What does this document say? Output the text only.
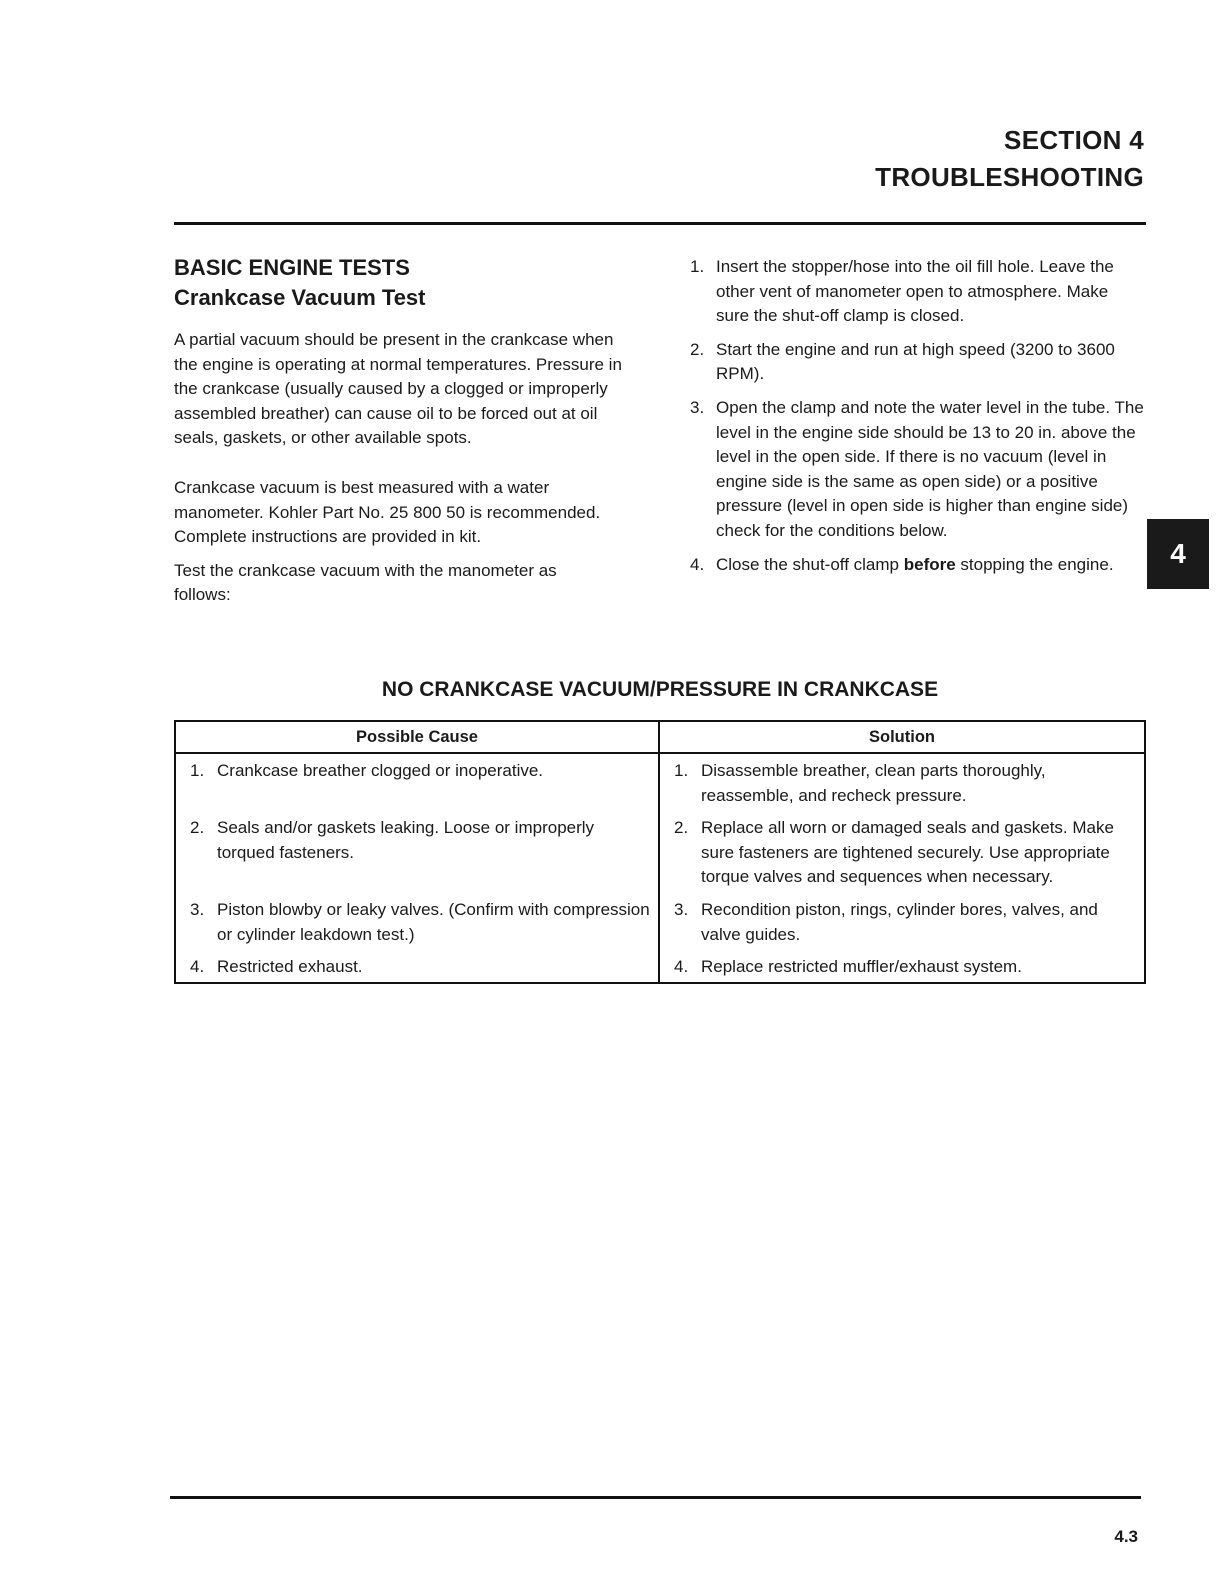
SECTION 4
TROUBLESHOOTING

BASIC ENGINE TESTS

Crankcase Vacuum Test

A partial vacuum should be present in the crankcase when the engine is operating at normal temperatures. Pressure in the crankcase (usually caused by a clogged or improperly assembled breather) can cause oil to be forced out at oil seals, gaskets, or other available spots.

Crankcase vacuum is best measured with a water manometer. Kohler Part No. 25 800 50 is recommended. Complete instructions are provided in kit.

Test the crankcase vacuum with the manometer as follows:

1. Insert the stopper/hose into the oil fill hole. Leave the other vent of manometer open to atmosphere. Make sure the shut-off clamp is closed.
2. Start the engine and run at high speed (3200 to 3600 RPM).
3. Open the clamp and note the water level in the tube. The level in the engine side should be 13 to 20 in. above the level in the open side. If there is no vacuum (level in engine side is the same as open side) or a positive pressure (level in open side is higher than engine side) check for the conditions below.
4. Close the shut-off clamp before stopping the engine.	4
NO CRANKCASE VACUUM/PRESSURE IN CRANKCASE
Possible Cause	Solution

1. Crankcase breather clogged or inoperative.	1. Disassemble breather, clean parts thoroughly, reassemble, and recheck pressure.

2. Seals and/or gaskets leaking. Loose or improperly torqued fasteners.	2. Replace all worn or damaged seals and gaskets. Make sure fasteners are tightened securely. Use appropriate torque valves and sequences when necessary.

3. Piston blowby or leaky valves. (Confirm with compression or cylinder leakdown test.)	3. Recondition piston, rings, cylinder bores, valves, and valve guides.

4. Restricted exhaust.	4. Replace restricted muffler/exhaust system.
4.3
